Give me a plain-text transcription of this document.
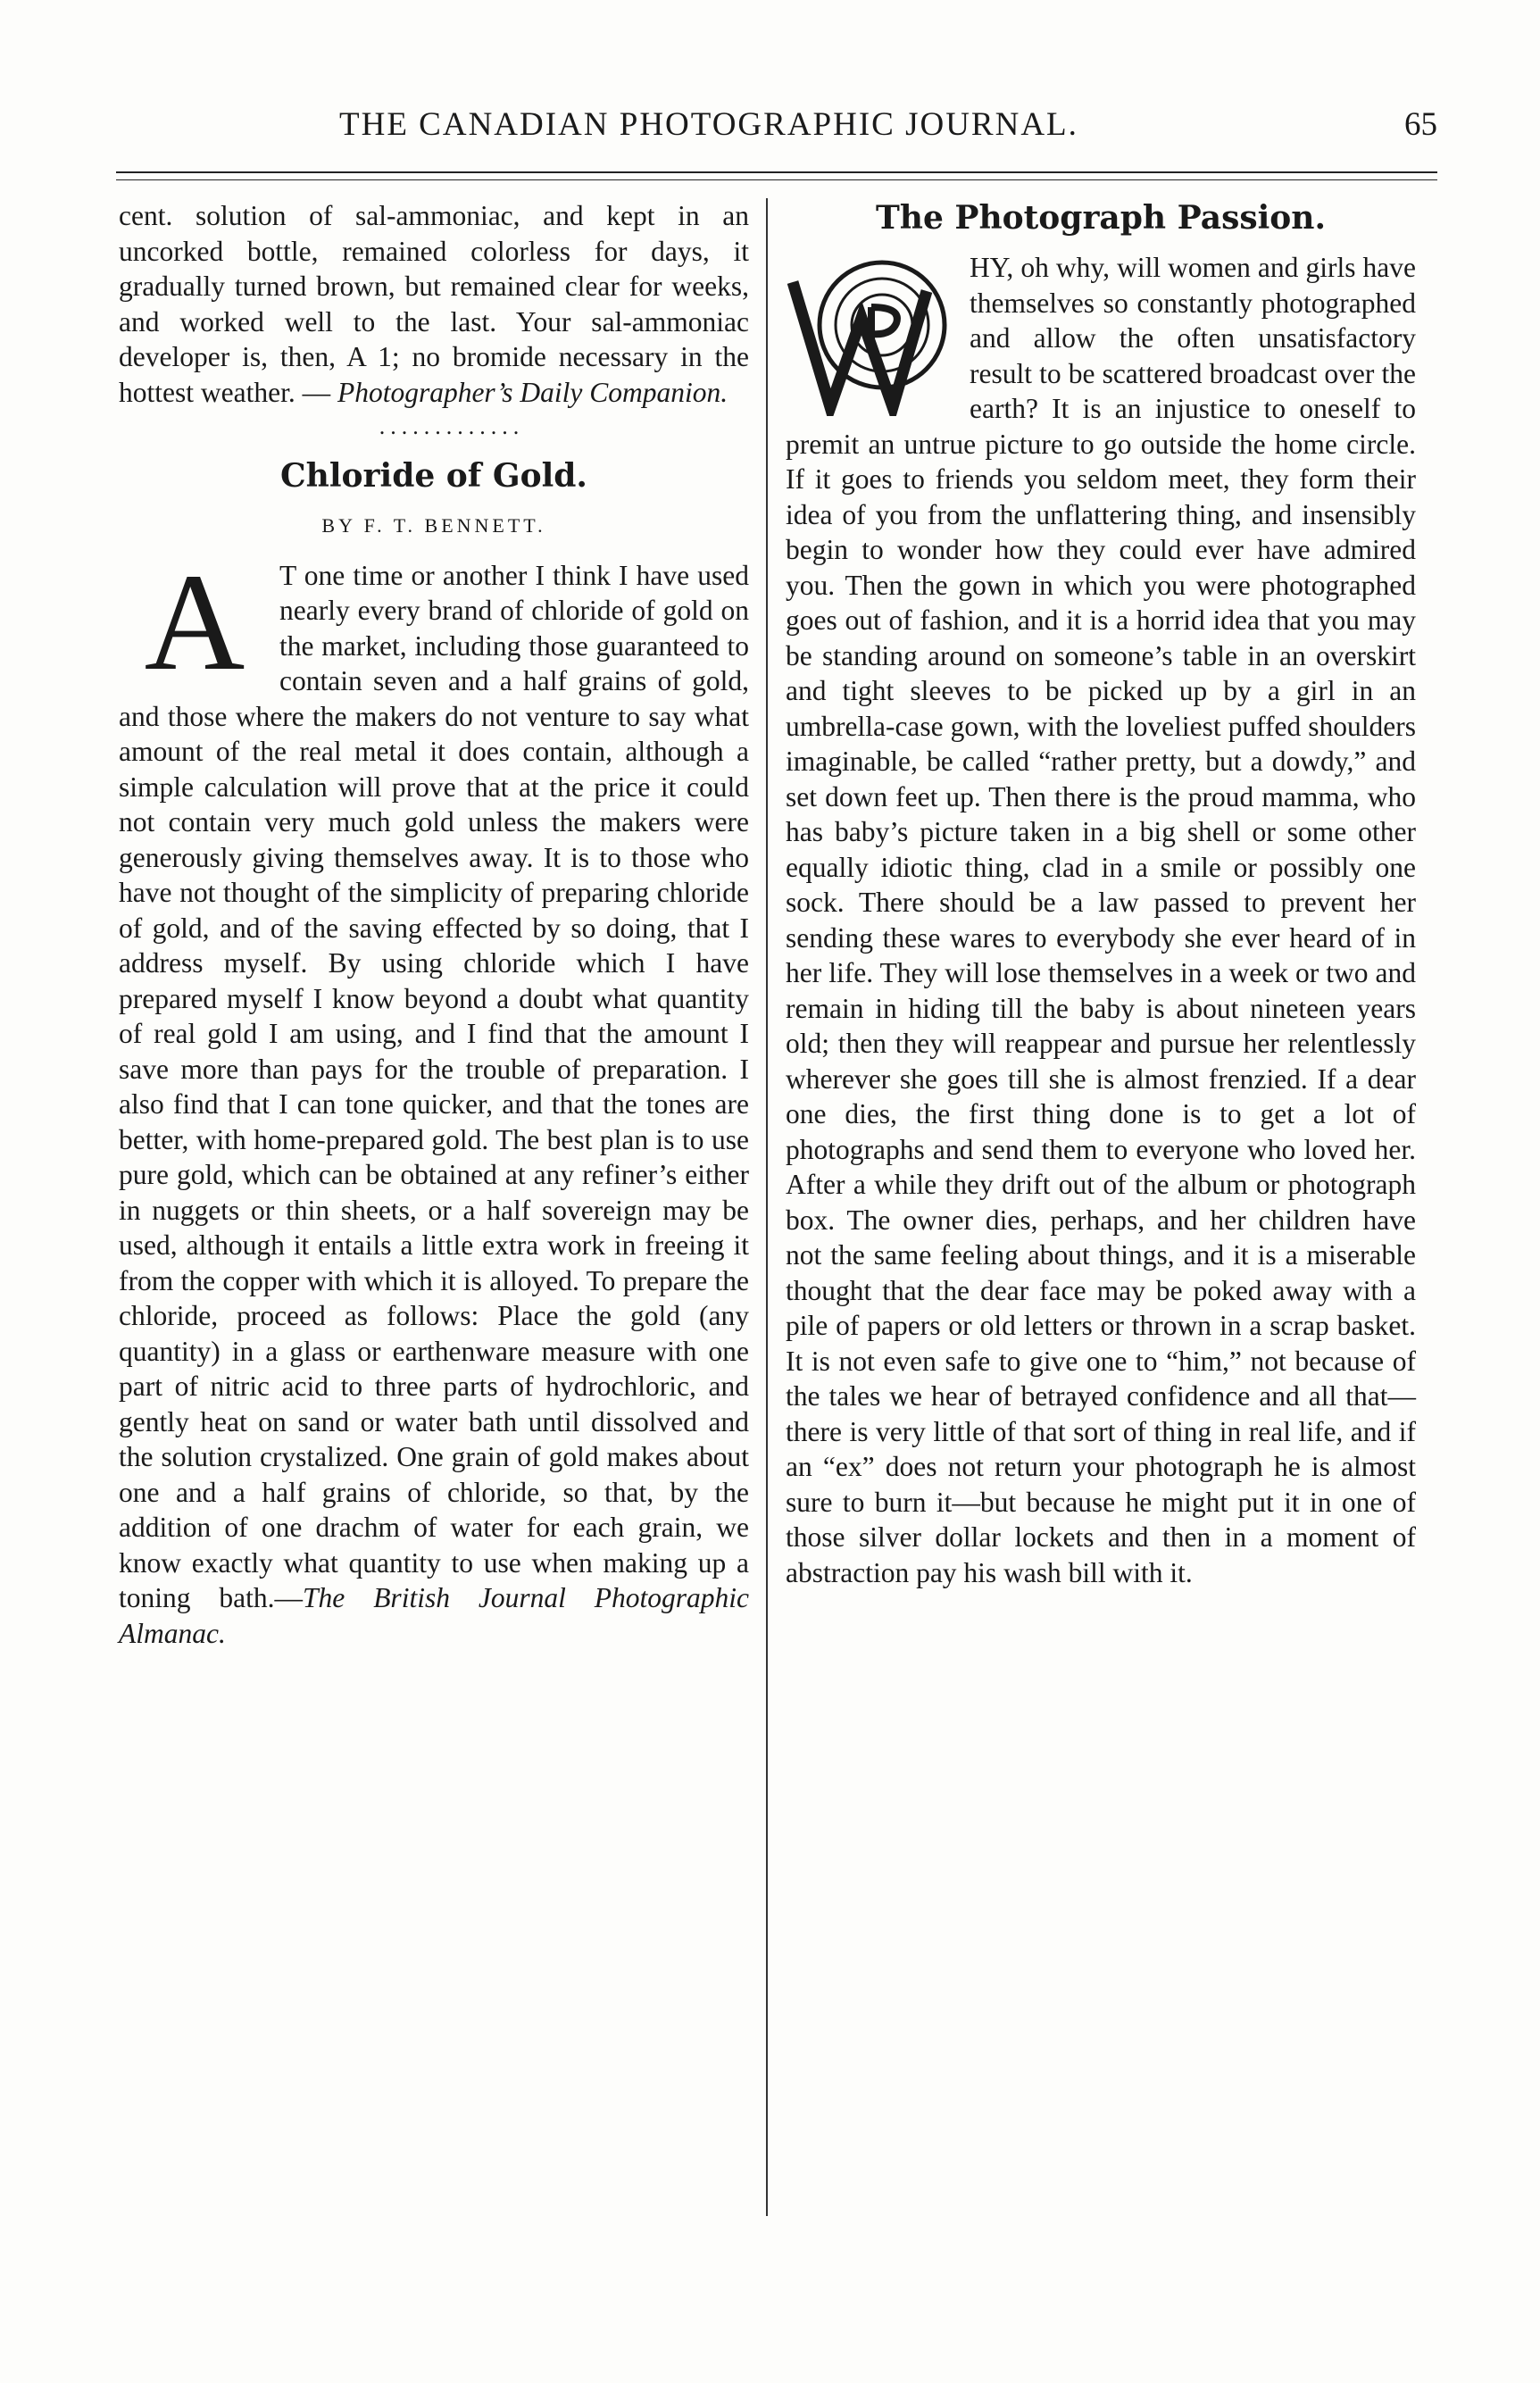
THE CANADIAN PHOTOGRAPHIC JOURNAL.	65

cent. solution of sal-ammoniac, and kept in an uncorked bottle, remained colorless for days, it gradually turned brown, but remained clear for weeks, and worked well to the last. Your sal-ammoniac developer is, then, A 1; no bromide necessary in the hottest weather. — Photographer’s Daily Companion.

.............
Chloride of Gold.
BY F. T. BENNETT.

A	T one time or another I think I have used nearly every brand of chloride of gold on the market, including those guaranteed to contain seven and a half grains of gold, and those where the makers do not venture to say what amount of the real metal it does contain, although a simple calculation will prove that at the price it could not contain very much gold unless the makers were generously giving themselves away. It is to those who have not thought of the simplicity of preparing chloride of gold, and of the saving effected by so doing, that I address myself. By using chloride which I have prepared myself I know beyond a doubt what quantity of real gold I am using, and I find that the amount I save more than pays for the trouble of preparation. I also find that I can tone quicker, and that the tones are better, with home-prepared gold. The best plan is to use pure gold, which can be obtained at any refiner’s either in nuggets or thin sheets, or a half sovereign may be used, although it entails a little extra work in freeing it from the copper with which it is alloyed. To prepare the chloride, proceed as follows: Place the gold (any quantity) in a glass or earthenware measure with one part of nitric acid to three parts of hydrochloric, and gently heat on sand or water bath until dissolved and the solution crystalized. One grain of gold makes about one and a half grains of chloride, so that, by the addition of one drachm of water for each grain, we know exactly what quantity to use when making up a toning bath.—The British Journal Photographic Almanac.

The Photograph Passion.

HY, oh why, will women and girls have themselves so constantly photographed and allow the often unsatisfactory result to be scattered broadcast over the earth? It is an injustice to oneself to premit an untrue picture to go outside the home circle. If it goes to friends you seldom meet, they form their idea of you from the unflattering thing, and insensibly begin to wonder how they could ever have admired you. Then the gown in which you were photographed goes out of fashion, and it is a horrid idea that you may be standing around on someone’s table in an overskirt and tight sleeves to be picked up by a girl in an umbrella-case gown, with the loveliest puffed shoulders imaginable, be called “rather pretty, but a dowdy,” and set down feet up. Then there is the proud mamma, who has baby’s picture taken in a big shell or some other equally idiotic thing, clad in a smile or possibly one sock. There should be a law passed to prevent her sending these wares to everybody she ever heard of in her life. They will lose themselves in a week or two and remain in hiding till the baby is about nineteen years old; then they will reappear and pursue her relentlessly wherever she goes till she is almost frenzied. If a dear one dies, the first thing done is to get a lot of photographs and send them to everyone who loved her. After a while they drift out of the album or photograph box. The owner dies, perhaps, and her children have not the same feeling about things, and it is a miserable thought that the dear face may be poked away with a pile of papers or old letters or thrown in a scrap basket. It is not even safe to give one to “him,” not because of the tales we hear of betrayed confidence and all that—there is very little of that sort of thing in real life, and if an “ex” does not return your photograph he is almost sure to burn it—but because he might put it in one of those silver dollar lockets and then in a moment of abstraction pay his wash bill with it.
